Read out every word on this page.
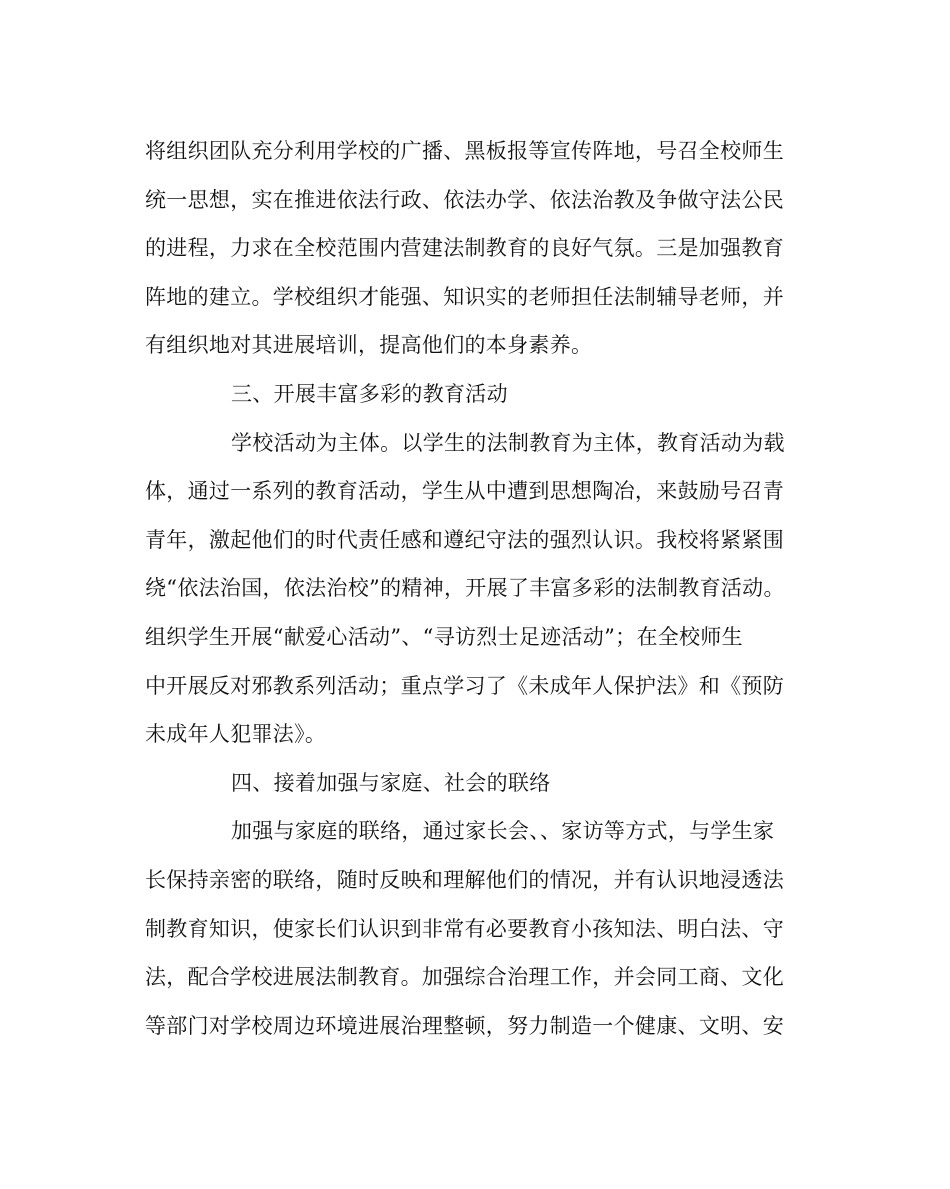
将组织团队充分利用学校的广播、黑板报等宣传阵地，号召全校师生
统一思想，实在推进依法行政、依法办学、依法治教及争做守法公民
的进程，力求在全校范围内营建法制教育的良好气氛。三是加强教育
阵地的建立。学校组织才能强、知识实的老师担任法制辅导老师，并
有组织地对其进展培训，提高他们的本身素养。
三、开展丰富多彩的教育活动
学校活动为主体。以学生的法制教育为主体，教育活动为载
体，通过一系列的教育活动，学生从中遭到思想陶冶，来鼓励号召青
青年，激起他们的时代责任感和遵纪守法的强烈认识。我校将紧紧围
绕“依法治国，依法治校”的精神，开展了丰富多彩的法制教育活动。
组织学生开展“献爱心活动”、“寻访烈士足迹活动”；在全校师生
中开展反对邪教系列活动；重点学习了《未成年人保护法》和《预防
未成年人犯罪法》。
四、接着加强与家庭、社会的联络
加强与家庭的联络，通过家长会、、家访等方式，与学生家
长保持亲密的联络，随时反映和理解他们的情况，并有认识地浸透法
制教育知识，使家长们认识到非常有必要教育小孩知法、明白法、守
法，配合学校进展法制教育。加强综合治理工作，并会同工商、文化
等部门对学校周边环境进展治理整顿，努力制造一个健康、文明、安
